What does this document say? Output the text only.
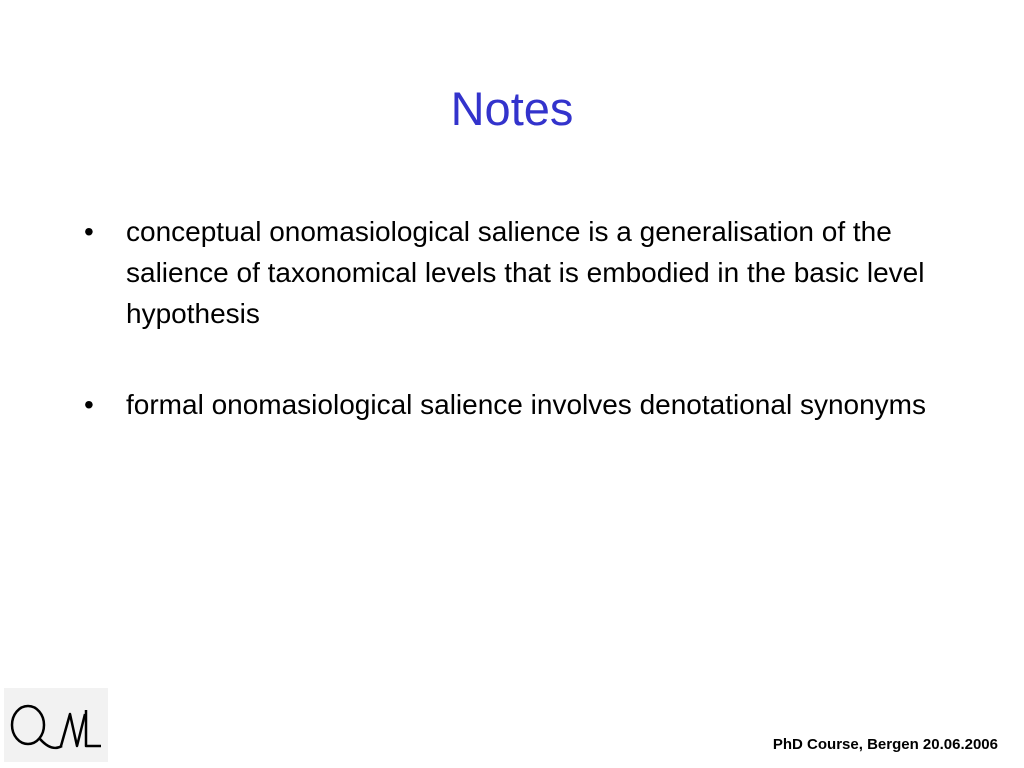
Notes
•	conceptual onomasiological salience is a generalisation of the salience of taxonomical levels that is embodied in the basic level hypothesis
•	formal onomasiological salience involves denotational synonyms
PhD Course, Bergen 20.06.2006
